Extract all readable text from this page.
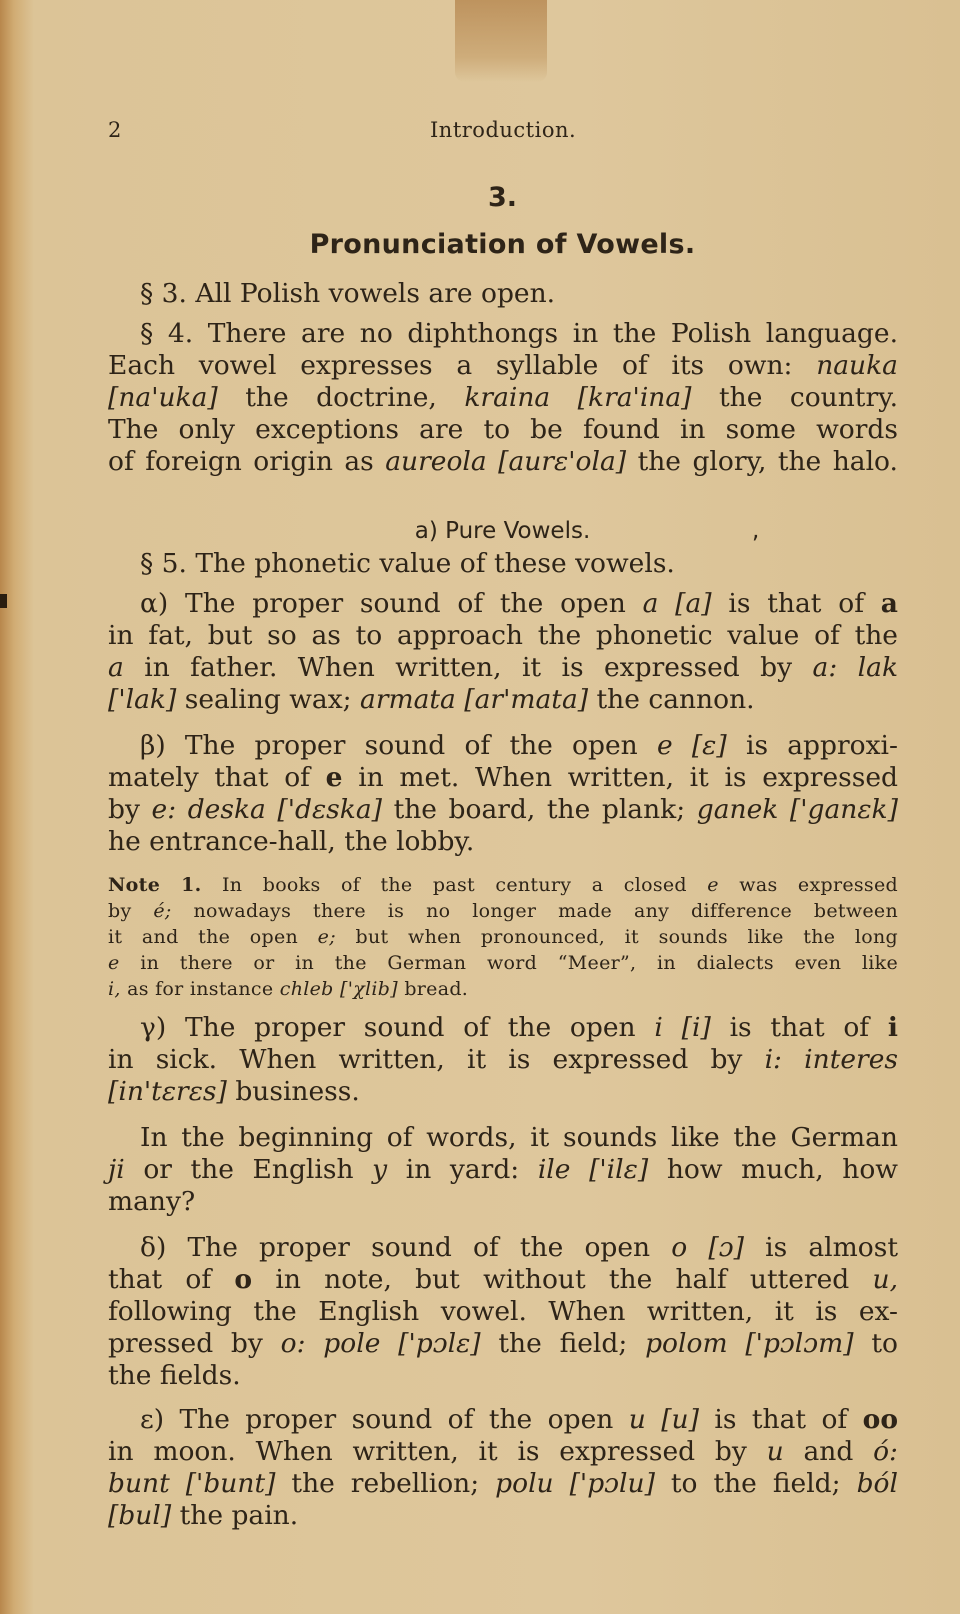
2	Introduction.
3.
Pronunciation of Vowels.
§ 3. All Polish vowels are open.
§ 4. There are no diphthongs in the Polish language.
Each vowel expresses a syllable of its own: nauka
[na'uka] the doctrine, kraina [kra'ina] the country.
The only exceptions are to be found in some words
of foreign origin as aureola [aurɛ'ola] the glory, the halo.
a) Pure Vowels.	,
§ 5. The phonetic value of these vowels.
α) The proper sound of the open a [a] is that of a
in fat, but so as to approach the phonetic value of the
a in father. When written, it is expressed by a: lak
['lak] sealing wax; armata [ar'mata] the cannon.
β) The proper sound of the open e [ɛ] is approxi-
mately that of e in met. When written, it is expressed
by e: deska ['dɛska] the board, the plank; ganek ['ganɛk]
he entrance-hall, the lobby.
Note 1. In books of the past century a closed e was expressed
by é; nowadays there is no longer made any difference between
it and the open e; but when pronounced, it sounds like the long
e in there or in the German word “Meer”, in dialects even like
i, as for instance chleb ['χlib] bread.
γ) The proper sound of the open i [i] is that of i
in sick. When written, it is expressed by i: interes
[in'tɛrɛs] business.
In the beginning of words, it sounds like the German
ji or the English y in yard: ile ['ilɛ] how much, how
many?
δ) The proper sound of the open o [ɔ] is almost
that of o in note, but without the half uttered u,
following the English vowel. When written, it is ex-
pressed by o: pole ['pɔlɛ] the field; polom ['pɔlɔm] to
the fields.
ε) The proper sound of the open u [u] is that of oo
in moon. When written, it is expressed by u and ó:
bunt ['bunt] the rebellion; polu ['pɔlu] to the field; ból
[bul] the pain.
